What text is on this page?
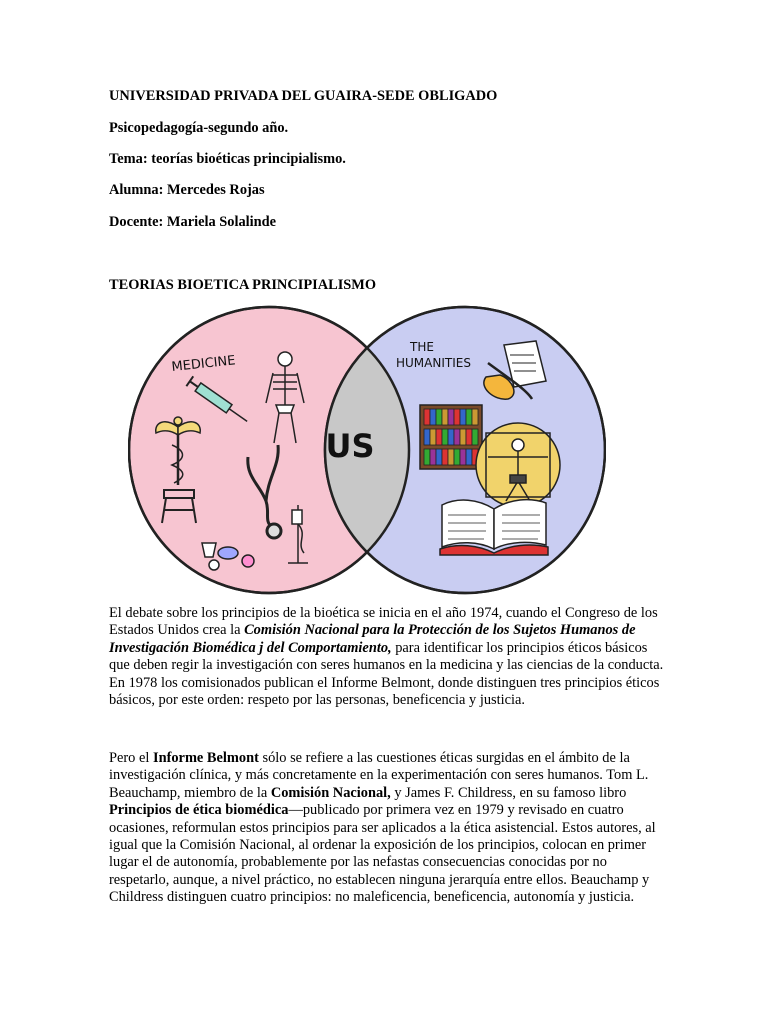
UNIVERSIDAD PRIVADA DEL GUAIRA-SEDE OBLIGADO
Psicopedagogía-segundo año.
Tema: teorías bioéticas principialismo.
Alumna: Mercedes Rojas
Docente: Mariela Solalinde
TEORIAS BIOETICA PRINCIPIALISMO
MEDICINE
THE
HUMANITIES
US

El debate sobre los principios de la bioética se inicia en el año 1974, cuando el Congreso de los Estados Unidos crea la Comisión Nacional para la Protección de los Sujetos Humanos de Investigación Biomédica j del Comportamiento, para identificar los principios éticos básicos que deben regir la investigación con seres humanos en la medicina y las ciencias de la conducta. En 1978 los comisionados publican el Informe Belmont, donde distinguen tres principios éticos básicos, por este orden: respeto por las personas, beneficencia y justicia.

Pero el Informe Belmont sólo se refiere a las cuestiones éticas surgidas en el ámbito de la investigación clínica, y más concretamente en la experimentación con seres humanos. Tom L. Beauchamp, miembro de la Comisión Nacional, y James F. Childress, en su famoso libro Principios de ética biomédica—publicado por primera vez en 1979 y revisado en cuatro ocasiones, reformulan estos principios para ser aplicados a la ética asistencial. Estos autores, al igual que la Comisión Nacional, al ordenar la exposición de los principios, colocan en primer lugar el de autonomía, probablemente por las nefastas consecuencias conocidas por no respetarlo, aunque, a nivel práctico, no establecen ninguna jerarquía entre ellos. Beauchamp y Childress distinguen cuatro principios: no maleficencia, beneficencia, autonomía y justicia.
